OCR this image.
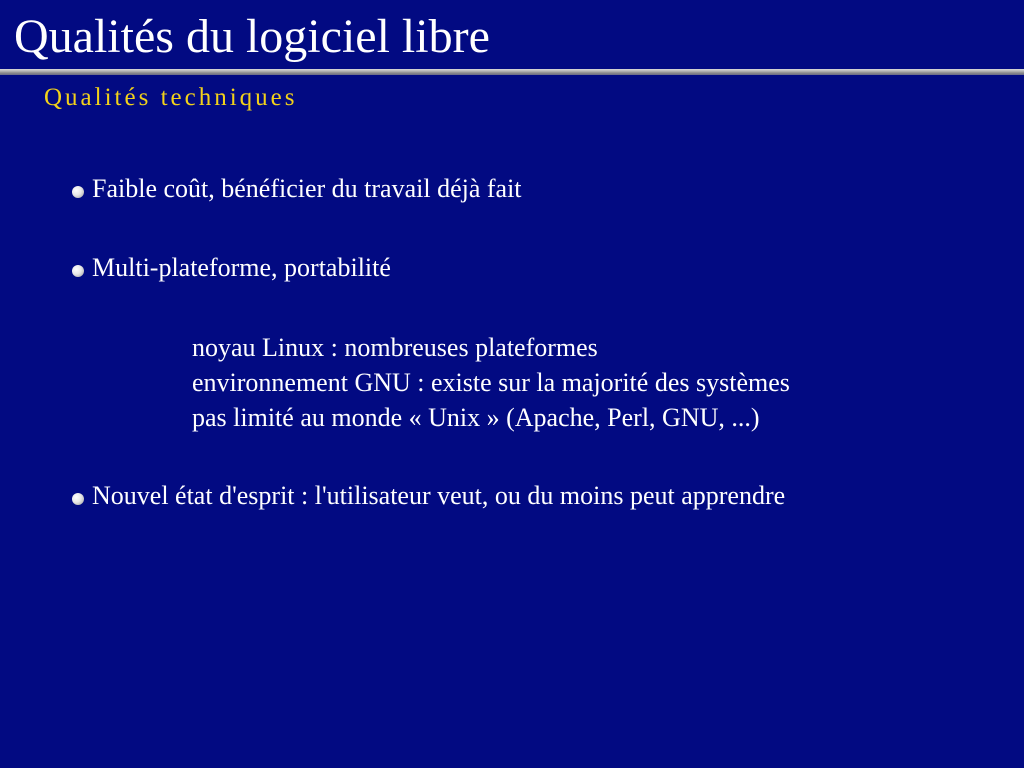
Qualités du logiciel libre
Qualités techniques
Faible coût, bénéficier du travail déjà fait
Multi-plateforme, portabilité
noyau Linux : nombreuses plateformes
environnement GNU : existe sur la majorité des systèmes
pas limité au monde « Unix » (Apache, Perl, GNU, ...)
Nouvel état d'esprit : l'utilisateur veut, ou du moins peut apprendre
